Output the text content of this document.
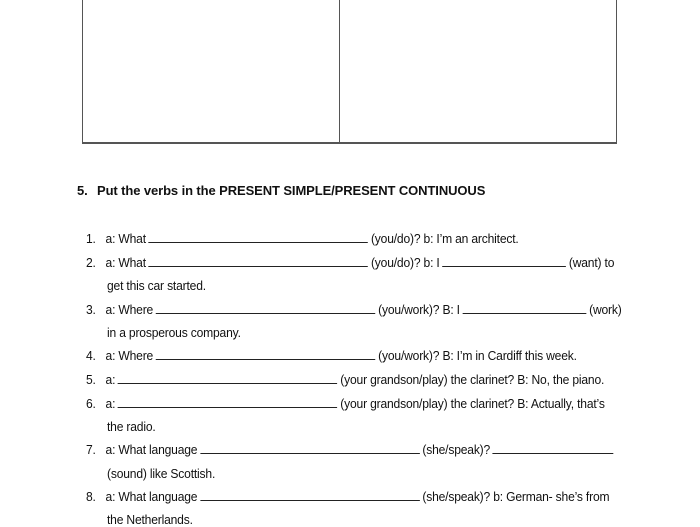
5. Put the verbs in the PRESENT SIMPLE/PRESENT CONTINUOUS
1. a: What	(you/do)? b: I’m an architect.
2. a: What	(you/do)? b: I	(want) to
get this car started.
3. a: Where	(you/work)? B: I	(work)
in a prosperous company.
4. a: Where	(you/work)? B: I’m in Cardiff this week.
5. a:	(your grandson/play) the clarinet? B: No, the piano.
6. a:	(your grandson/play) the clarinet? B: Actually, that’s
the radio.
7. a: What language	(she/speak)?
(sound) like Scottish.
8. a: What language	(she/speak)? b: German- she’s from
the Netherlands.
